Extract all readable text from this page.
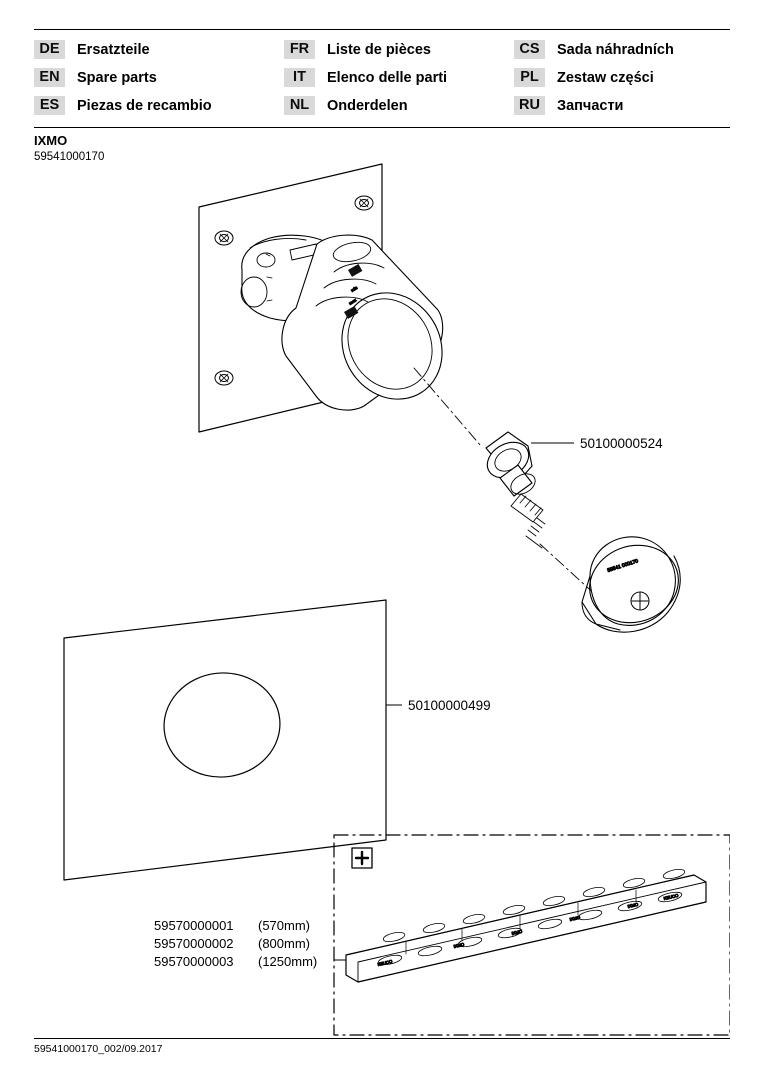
DE	Ersatzteile	FR	Liste de pièces	CS	Sada náhradních
EN	Spare parts	IT	Elenco delle parti	PL	Zestaw części
ES	Piezas de recambio	NL	Onderdelen	RU	Запчасти
IXMO
59541000170
min
max
59541 000170
KEUCO
IXMO
IXMO
IXMO
IXMO
KEUCO
50100000524
50100000499
59570000001 (570mm)
59570000002 (800mm)
59570000003 (1250mm)
59541000170_002/09.2017
